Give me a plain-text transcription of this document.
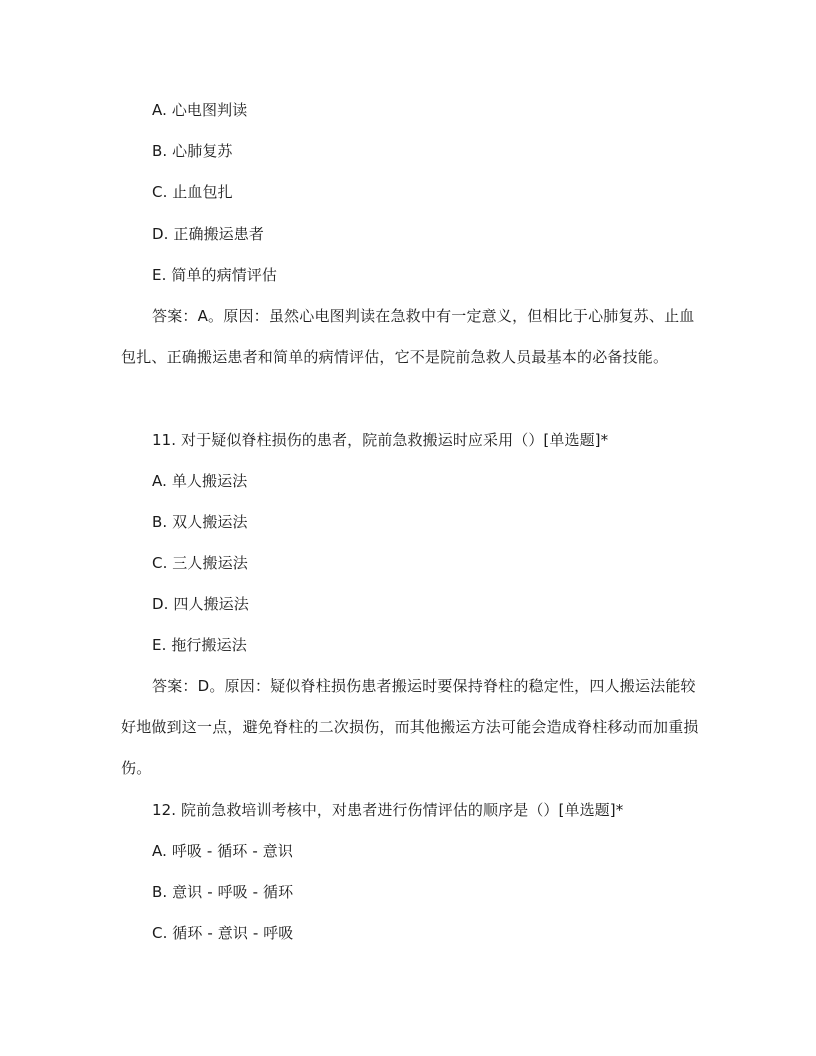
A. 心电图判读
B. 心肺复苏
C. 止血包扎
D. 正确搬运患者
E. 简单的病情评估
答案：A。原因：虽然心电图判读在急救中有一定意义，但相比于心肺复苏、止血包扎、正确搬运患者和简单的病情评估，它不是院前急救人员最基本的必备技能。
11. 对于疑似脊柱损伤的患者，院前急救搬运时应采用（）[单选题]*
A. 单人搬运法
B. 双人搬运法
C. 三人搬运法
D. 四人搬运法
E. 拖行搬运法
答案：D。原因：疑似脊柱损伤患者搬运时要保持脊柱的稳定性，四人搬运法能较好地做到这一点，避免脊柱的二次损伤，而其他搬运方法可能会造成脊柱移动而加重损伤。
12. 院前急救培训考核中，对患者进行伤情评估的顺序是（）[单选题]*
A. 呼吸 - 循环 - 意识
B. 意识 - 呼吸 - 循环
C. 循环 - 意识 - 呼吸
